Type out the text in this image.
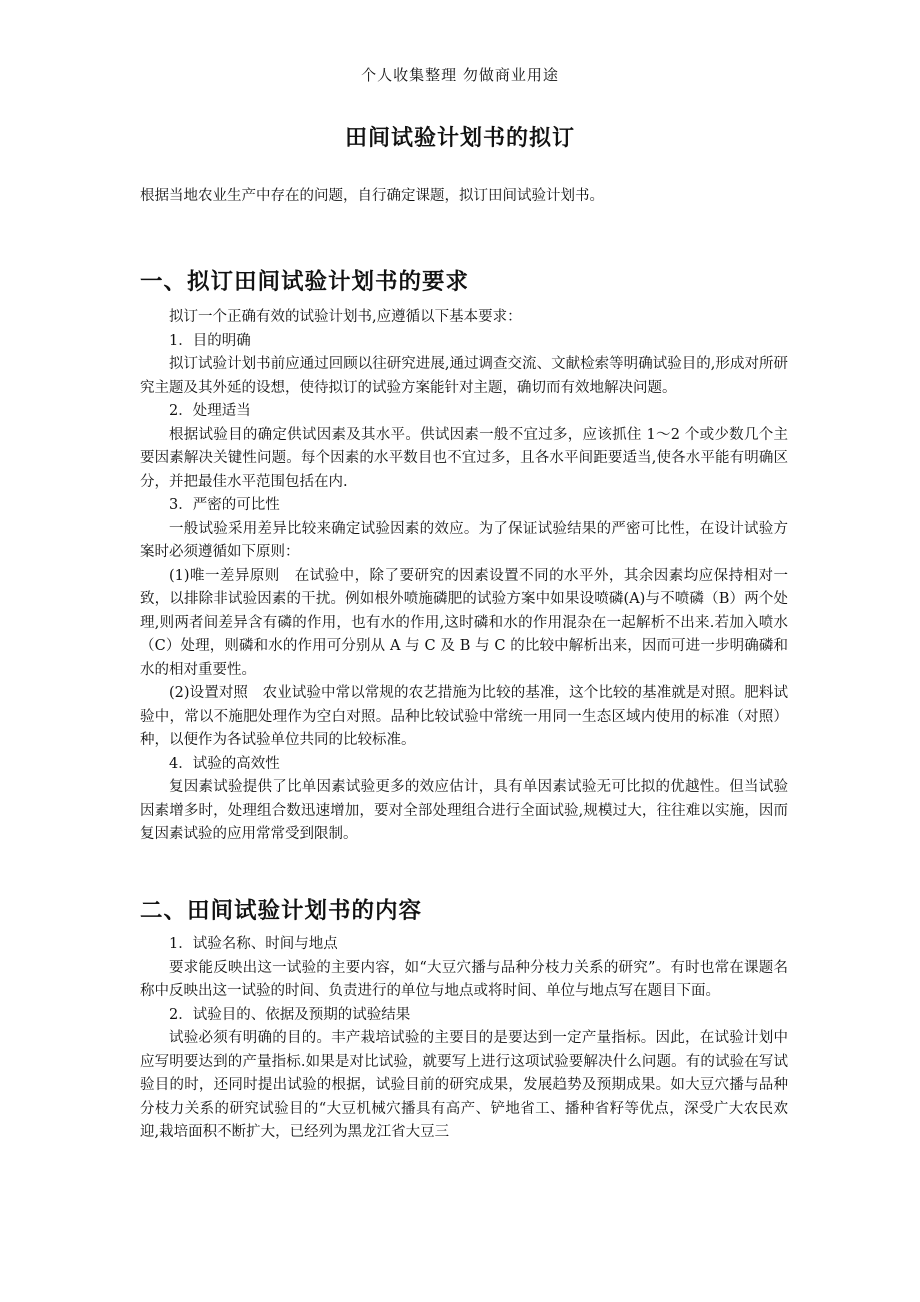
个人收集整理 勿做商业用途
田间试验计划书的拟订
根据当地农业生产中存在的问题，自行确定课题，拟订田间试验计划书。
一、拟订田间试验计划书的要求

拟订一个正确有效的试验计划书,应遵循以下基本要求：

1．目的明确

拟订试验计划书前应通过回顾以往研究进展,通过调查交流、文献检索等明确试验目的,形成对所研究主题及其外延的设想，使待拟订的试验方案能针对主题，确切而有效地解决问题。

2．处理适当

根据试验目的确定供试因素及其水平。供试因素一般不宜过多，应该抓住 1～2 个或少数几个主要因素解决关键性问题。每个因素的水平数目也不宜过多，且各水平间距要适当,使各水平能有明确区分，并把最佳水平范围包括在内.

3．严密的可比性

一般试验采用差异比较来确定试验因素的效应。为了保证试验结果的严密可比性，在设计试验方案时必须遵循如下原则：

(1)唯一差异原则　在试验中，除了要研究的因素设置不同的水平外，其余因素均应保持相对一致，以排除非试验因素的干扰。例如根外喷施磷肥的试验方案中如果设喷磷(A)与不喷磷（B）两个处理,则两者间差异含有磷的作用，也有水的作用,这时磷和水的作用混杂在一起解析不出来.若加入喷水（C）处理，则磷和水的作用可分别从 A 与 C 及 B 与 C 的比较中解析出来，因而可进一步明确磷和水的相对重要性。

(2)设置对照　农业试验中常以常规的农艺措施为比较的基准，这个比较的基准就是对照。肥料试验中，常以不施肥处理作为空白对照。品种比较试验中常统一用同一生态区域内使用的标准（对照）种，以便作为各试验单位共同的比较标准。

4．试验的高效性

复因素试验提供了比单因素试验更多的效应估计，具有单因素试验无可比拟的优越性。但当试验因素增多时，处理组合数迅速增加，要对全部处理组合进行全面试验,规模过大，往往难以实施，因而复因素试验的应用常常受到限制。

二、田间试验计划书的内容

1．试验名称、时间与地点

要求能反映出这一试验的主要内容，如“大豆穴播与品种分枝力关系的研究”。有时也常在课题名称中反映出这一试验的时间、负责进行的单位与地点或将时间、单位与地点写在题目下面。

2．试验目的、依据及预期的试验结果

试验必须有明确的目的。丰产栽培试验的主要目的是要达到一定产量指标。因此，在试验计划中应写明要达到的产量指标.如果是对比试验，就要写上进行这项试验要解决什么问题。有的试验在写试验目的时，还同时提出试验的根据，试验目前的研究成果，发展趋势及预期成果。如大豆穴播与品种分枝力关系的研究试验目的“大豆机械穴播具有高产、铲地省工、播种省籽等优点，深受广大农民欢迎,栽培面积不断扩大，已经列为黑龙江省大豆三
